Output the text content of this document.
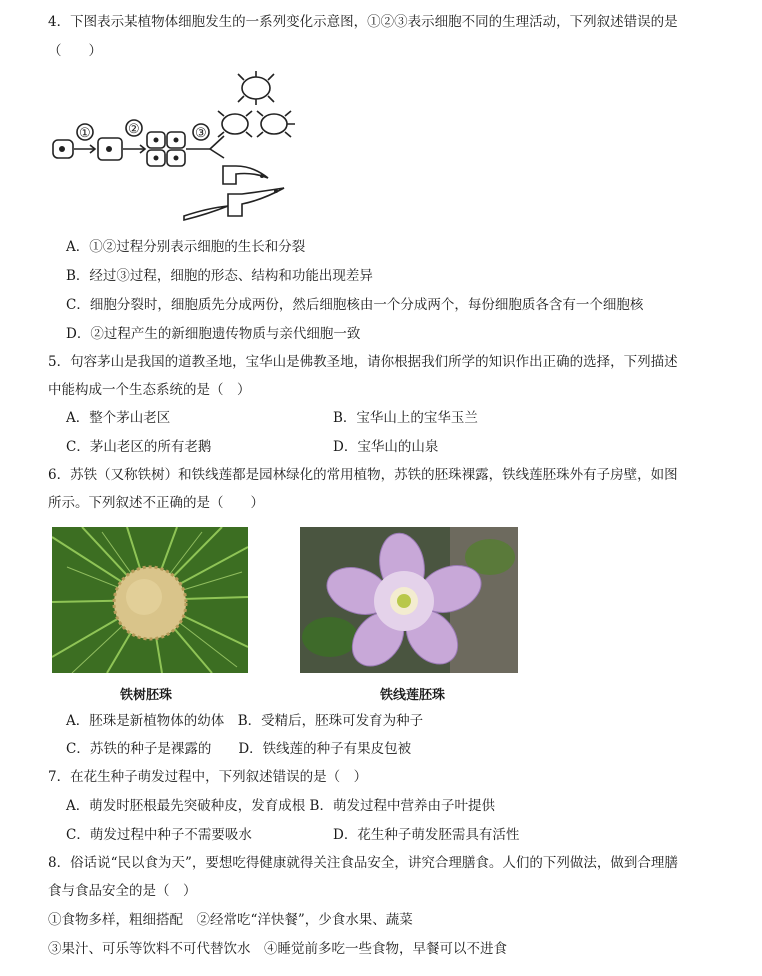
4．下图表示某植物体细胞发生的一系列变化示意图，①②③表示细胞不同的生理活动，下列叙述错误的是
（　　）
①	②	③
A．①②过程分别表示细胞的生长和分裂
B．经过③过程，细胞的形态、结构和功能出现差异
C．细胞分裂时，细胞质先分成两份，然后细胞核由一个分成两个，每份细胞质各含有一个细胞核
D．②过程产生的新细胞遗传物质与亲代细胞一致
5．句容茅山是我国的道教圣地，宝华山是佛教圣地，请你根据我们所学的知识作出正确的选择，下列描述
中能构成一个生态系统的是（　）
A．整个茅山老区	B．宝华山上的宝华玉兰
C．茅山老区的所有老鹅	D．宝华山的山泉
6．苏铁（又称铁树）和铁线莲都是园林绿化的常用植物，苏铁的胚珠裸露，铁线莲胚珠外有子房壁，如图
所示。下列叙述不正确的是（　　）
铁树胚珠	铁线莲胚珠
A．胚珠是新植物体的幼体　B．受精后，胚珠可发育为种子
C．苏铁的种子是裸露的　　D．铁线莲的种子有果皮包被
7．在花生种子萌发过程中，下列叙述错误的是（　）
A．萌发时胚根最先突破种皮，发育成根 B．萌发过程中营养由子叶提供
C．萌发过程中种子不需要吸水	D．花生种子萌发胚需具有活性
8．俗话说“民以食为天”，要想吃得健康就得关注食品安全，讲究合理膳食。人们的下列做法，做到合理膳
食与食品安全的是（　）
①食物多样，粗细搭配　②经常吃“洋快餐”，少食水果、蔬菜
③果汁、可乐等饮料不可代替饮水　④睡觉前多吃一些食物，早餐可以不进食
